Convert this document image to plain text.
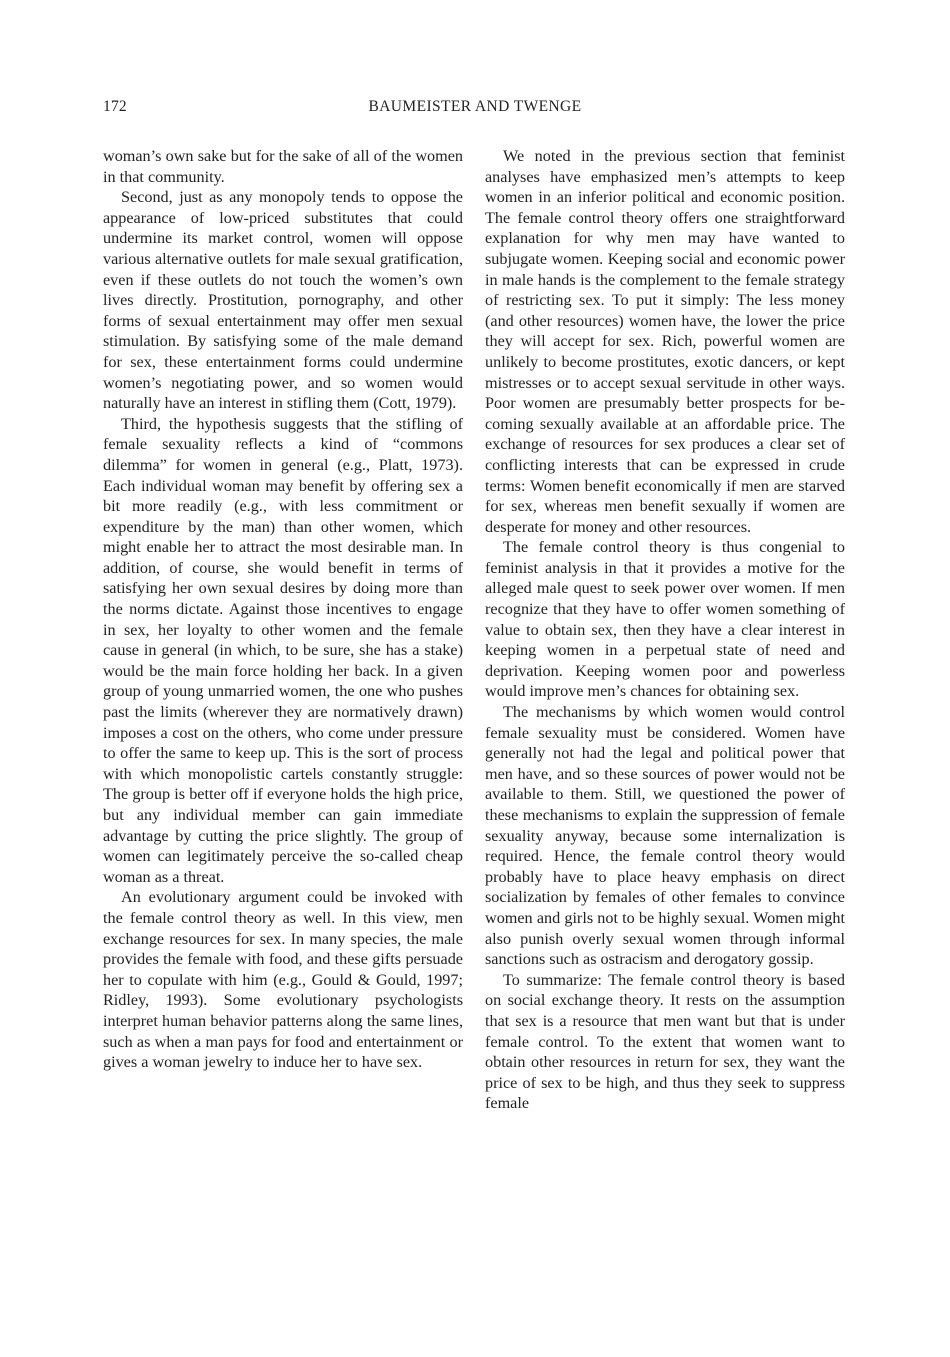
172	BAUMEISTER AND TWENGE

woman’s own sake but for the sake of all of the women in that community.

Second, just as any monopoly tends to oppose the appearance of low-priced substitutes that could undermine its market control, women will oppose various alternative outlets for male sexual gratification, even if these outlets do not touch the women’s own lives directly. Prostitution, pornography, and other forms of sexual entertainment may offer men sexual stimulation. By satisfying some of the male demand for sex, these entertainment forms could undermine women’s negotiating power, and so women would naturally have an interest in stifling them (Cott, 1979).

Third, the hypothesis suggests that the stifling of female sexuality reflects a kind of “commons dilemma” for women in general (e.g., Platt, 1973). Each individual woman may benefit by offering sex a bit more readily (e.g., with less commitment or expenditure by the man) than other women, which might enable her to attract the most desirable man. In addition, of course, she would benefit in terms of satisfying her own sexual desires by doing more than the norms dictate. Against those incentives to engage in sex, her loyalty to other women and the female cause in general (in which, to be sure, she has a stake) would be the main force holding her back. In a given group of young unmarried women, the one who pushes past the limits (wherever they are normatively drawn) imposes a cost on the others, who come under pressure to offer the same to keep up. This is the sort of process with which monopolistic cartels constantly struggle: The group is better off if everyone holds the high price, but any individual member can gain immediate advantage by cutting the price slightly. The group of women can legitimately perceive the so-called cheap woman as a threat.

An evolutionary argument could be invoked with the female control theory as well. In this view, men exchange resources for sex. In many species, the male provides the female with food, and these gifts persuade her to copulate with him (e.g., Gould & Gould, 1997; Ridley, 1993). Some evolutionary psychologists interpret human behavior patterns along the same lines, such as when a man pays for food and entertainment or gives a woman jewelry to induce her to have sex.

We noted in the previous section that feminist analyses have emphasized men’s attempts to keep women in an inferior political and economic position. The female control theory offers one straightforward explanation for why men may have wanted to subjugate women. Keeping social and economic power in male hands is the complement to the female strategy of restricting sex. To put it simply: The less money (and other resources) women have, the lower the price they will accept for sex. Rich, powerful women are unlikely to become prostitutes, exotic dancers, or kept mistresses or to accept sexual servitude in other ways. Poor women are presumably better prospects for becoming sexually available at an affordable price. The exchange of resources for sex produces a clear set of conflicting interests that can be expressed in crude terms: Women benefit economically if men are starved for sex, whereas men benefit sexually if women are desperate for money and other resources.

The female control theory is thus congenial to feminist analysis in that it provides a motive for the alleged male quest to seek power over women. If men recognize that they have to offer women something of value to obtain sex, then they have a clear interest in keeping women in a perpetual state of need and deprivation. Keeping women poor and powerless would improve men’s chances for obtaining sex.

The mechanisms by which women would control female sexuality must be considered. Women have generally not had the legal and political power that men have, and so these sources of power would not be available to them. Still, we questioned the power of these mechanisms to explain the suppression of female sexuality anyway, because some internalization is required. Hence, the female control theory would probably have to place heavy emphasis on direct socialization by females of other females to convince women and girls not to be highly sexual. Women might also punish overly sexual women through informal sanctions such as ostracism and derogatory gossip.

To summarize: The female control theory is based on social exchange theory. It rests on the assumption that sex is a resource that men want but that is under female control. To the extent that women want to obtain other resources in return for sex, they want the price of sex to be high, and thus they seek to suppress female
